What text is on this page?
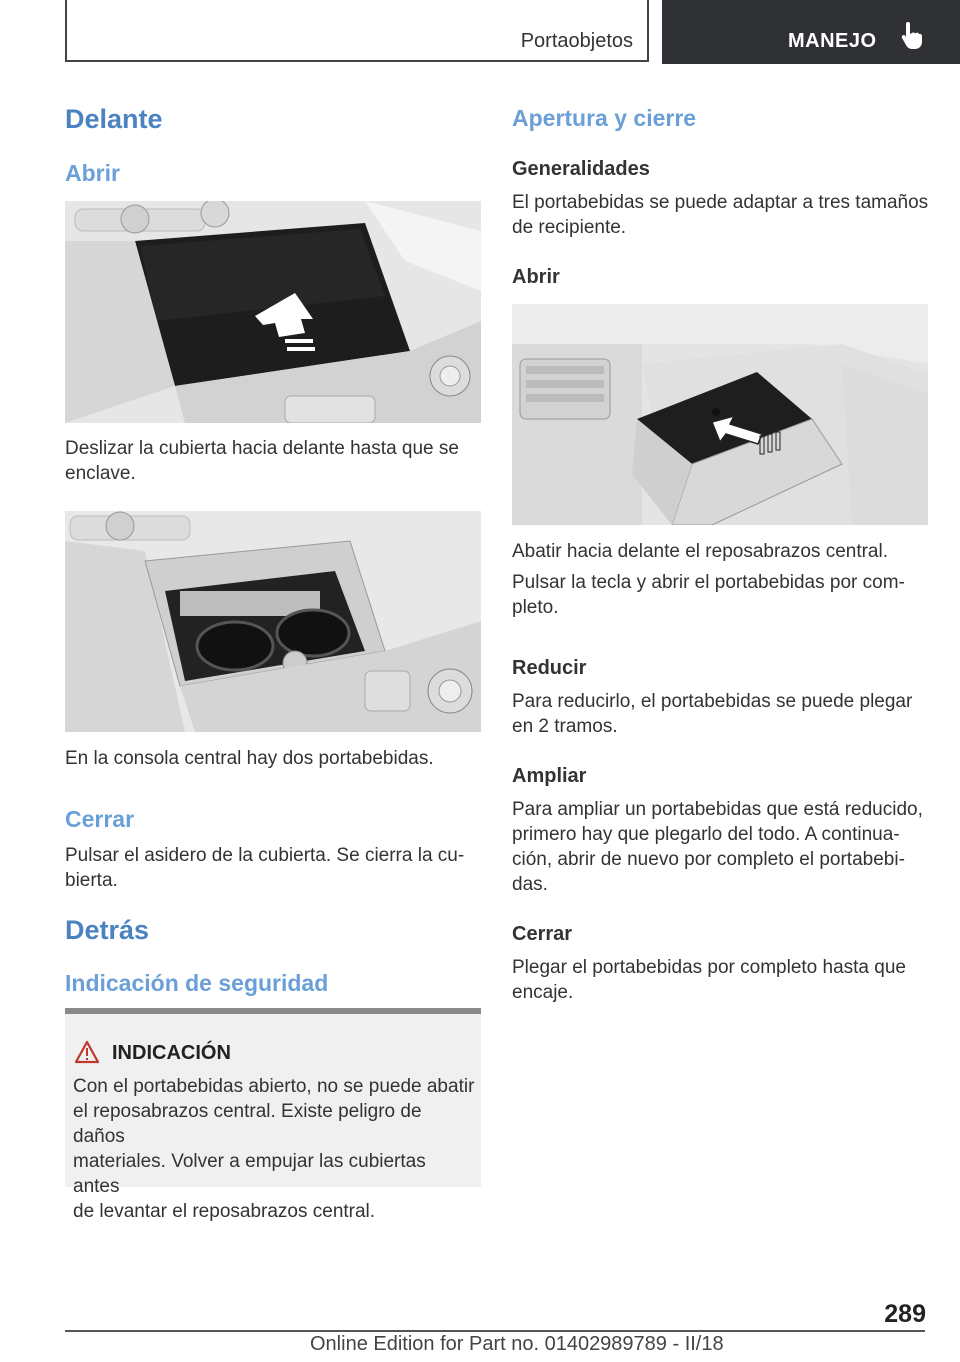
Portaobjetos	MANEJO
Delante
Abrir
Deslizar la cubierta hacia delante hasta que se
enclave.
En la consola central hay dos portabebidas.
Cerrar
Pulsar el asidero de la cubierta. Se cierra la cu‐
bierta.
Detrás
Indicación de seguridad
INDICACIÓN
Con el portabebidas abierto, no se puede abatir
el reposabrazos central. Existe peligro de daños
materiales. Volver a empujar las cubiertas antes
de levantar el reposabrazos central.
Apertura y cierre
Generalidades
El portabebidas se puede adaptar a tres tamaños
de recipiente.
Abrir
Abatir hacia delante el reposabrazos central.
Pulsar la tecla y abrir el portabebidas por com‐
pleto.
Reducir
Para reducirlo, el portabebidas se puede plegar
en 2 tramos.
Ampliar
Para ampliar un portabebidas que está reducido,
primero hay que plegarlo del todo. A continua‐
ción, abrir de nuevo por completo el portabebi‐
das.
Cerrar
Plegar el portabebidas por completo hasta que
encaje.
289
Online Edition for Part no. 01402989789 - II/18
